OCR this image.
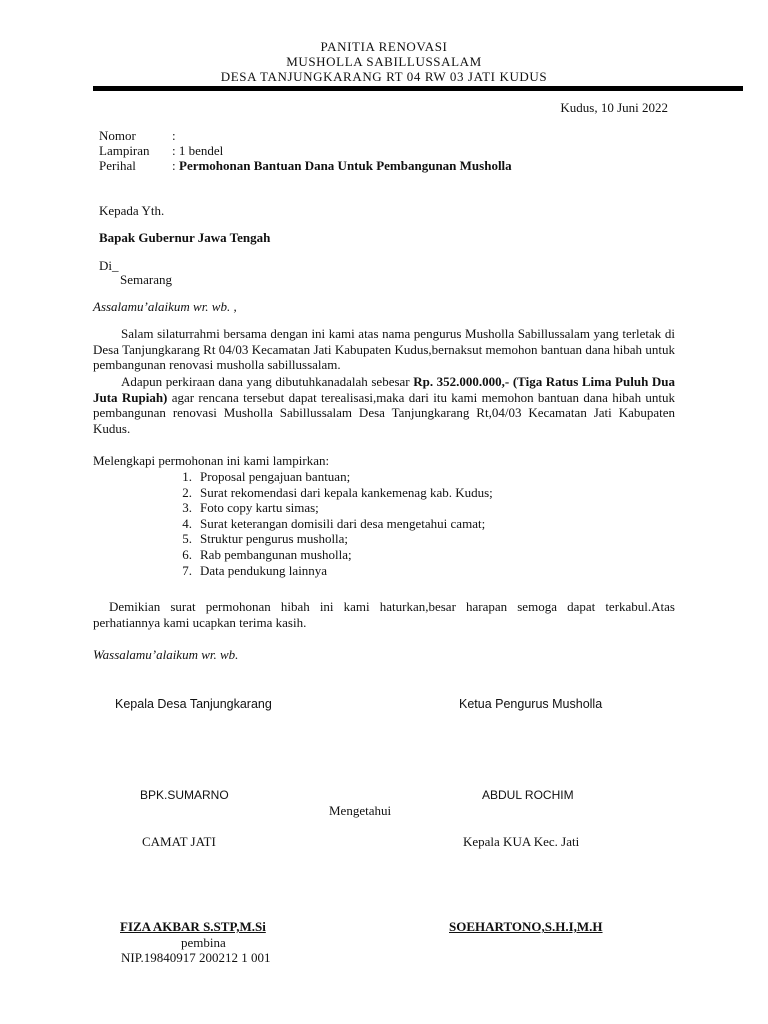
PANITIA RENOVASI
MUSHOLLA SABILLUSSALAM
DESA TANJUNGKARANG RT 04 RW 03 JATI KUDUS
Kudus, 10 Juni 2022
Nomor	:
Lampiran : 1 bendel
Perihal	: Permohonan Bantuan Dana Untuk Pembangunan Musholla
Kepada Yth.
Bapak Gubernur Jawa Tengah
Di_
Semarang
Assalamu’alaikum wr. wb. ,
Salam silaturrahmi bersama dengan ini kami atas nama pengurus Musholla Sabillussalam yang terletak di Desa Tanjungkarang Rt 04/03 Kecamatan Jati Kabupaten Kudus,bernaksut memohon bantuan dana hibah untuk pembangunan renovasi musholla sabillussalam.
Adapun perkiraan dana yang dibutuhkanadalah sebesar Rp. 352.000.000,- (Tiga Ratus Lima Puluh Dua Juta Rupiah) agar rencana tersebut dapat terealisasi,maka dari itu kami memohon bantuan dana hibah untuk pembangunan renovasi Musholla Sabillussalam Desa Tanjungkarang Rt,04/03 Kecamatan Jati Kabupaten Kudus.
Melengkapi permohonan ini kami lampirkan:
1. Proposal pengajuan bantuan;
2. Surat rekomendasi dari kepala kankemenag kab. Kudus;
3. Foto copy kartu simas;
4. Surat keterangan domisili dari desa mengetahui camat;
5. Struktur pengurus musholla;
6. Rab pembangunan musholla;
7. Data pendukung lainnya
Demikian surat permohonan hibah ini kami haturkan,besar harapan semoga dapat terkabul.Atas perhatiannya kami ucapkan terima kasih.
Wassalamu’alaikum wr. wb.
Kepala Desa Tanjungkarang	Ketua Pengurus Musholla
BPK.SUMARNO	ABDUL ROCHIM
Mengetahui
CAMAT JATI	Kepala KUA Kec. Jati
FIZA AKBAR S.STP,M.Si	SOEHARTONO,S.H.I,M.H
pembina
NIP.19840917 200212 1 001
